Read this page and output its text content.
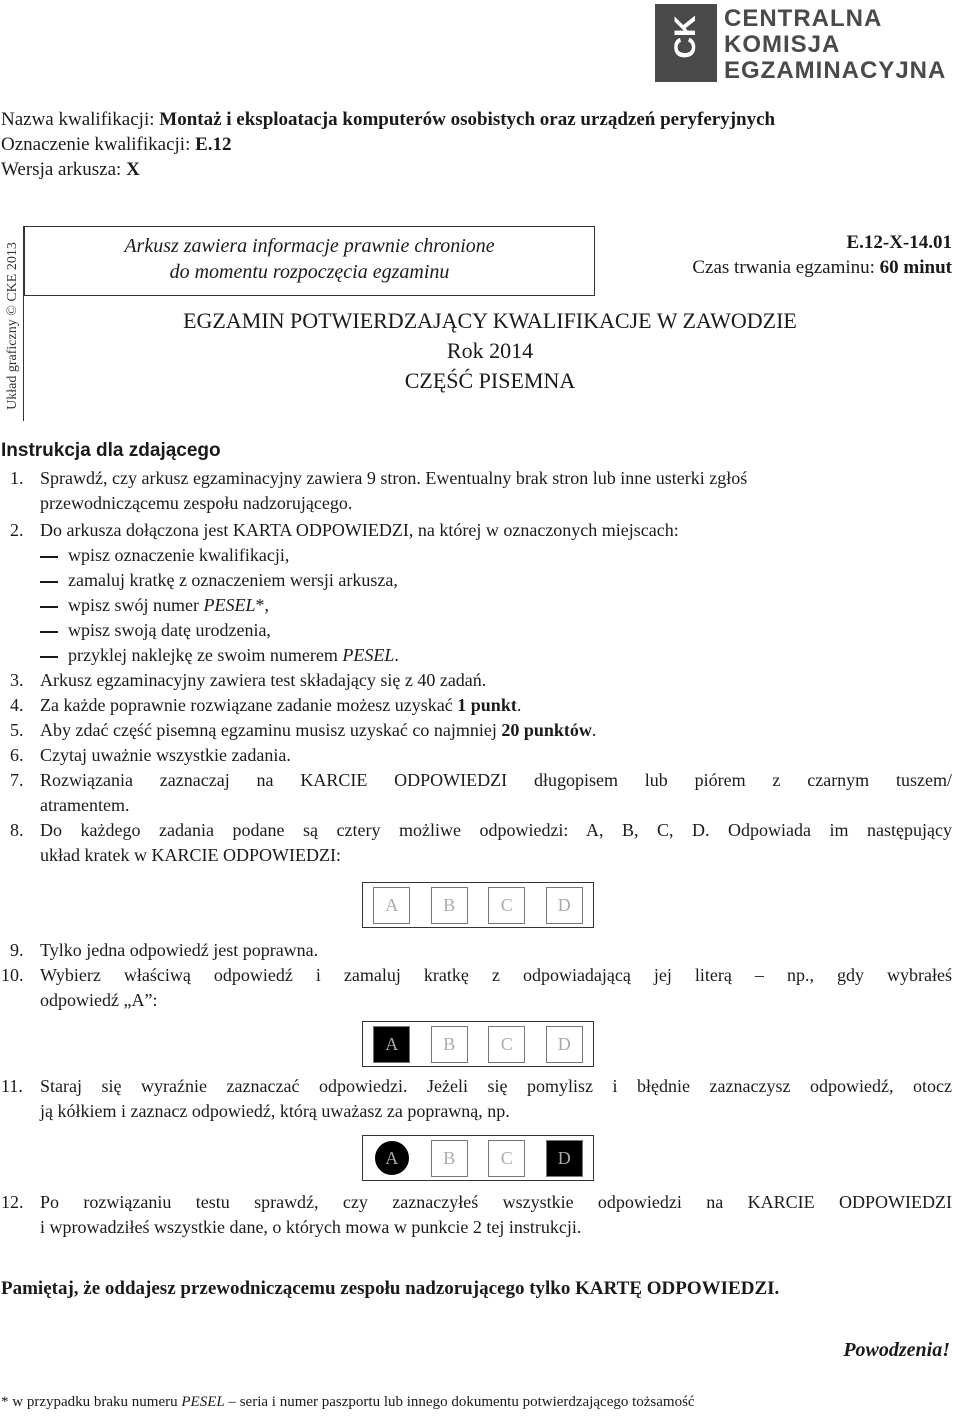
CK CENTRALNA
KOMISJA
EGZAMINACYJNA
Nazwa kwalifikacji: Montaż i eksploatacja komputerów osobistych oraz urządzeń peryferyjnych
Oznaczenie kwalifikacji: E.12
Wersja arkusza: X
Układ graficzny © CKE 2013	Arkusz zawiera informacje prawnie chronione
do momentu rozpoczęcia egzaminu
E.12-X-14.01
Czas trwania egzaminu: 60 minut
EGZAMIN POTWIERDZAJĄCY KWALIFIKACJE W ZAWODZIE
Rok 2014
CZĘŚĆ PISEMNA
Instrukcja dla zdającego
1. Sprawdź, czy arkusz egzaminacyjny zawiera 9 stron. Ewentualny brak stron lub inne usterki zgłoś
przewodniczącemu zespołu nadzorującego.
2. Do arkusza dołączona jest KARTA ODPOWIEDZI, na której w oznaczonych miejscach:
wpisz oznaczenie kwalifikacji,
zamaluj kratkę z oznaczeniem wersji arkusza,
wpisz swój numer PESEL*,
wpisz swoją datę urodzenia,
przyklej naklejkę ze swoim numerem PESEL.
3. Arkusz egzaminacyjny zawiera test składający się z 40 zadań.
4. Za każde poprawnie rozwiązane zadanie możesz uzyskać 1 punkt.
5. Aby zdać część pisemną egzaminu musisz uzyskać co najmniej 20 punktów.
6. Czytaj uważnie wszystkie zadania.
7. Rozwiązania zaznaczaj na KARCIE ODPOWIEDZI długopisem lub piórem z czarnym tuszem/
atramentem.
8. Do każdego zadania podane są cztery możliwe odpowiedzi: A, B, C, D. Odpowiada im następujący
układ kratek w KARCIE ODPOWIEDZI:
A	B	C	D
9. Tylko jedna odpowiedź jest poprawna.
10. Wybierz właściwą odpowiedź i zamaluj kratkę z odpowiadającą jej literą – np., gdy wybrałeś
odpowiedź „A”:
A	B	C	D
11. Staraj się wyraźnie zaznaczać odpowiedzi. Jeżeli się pomylisz i błędnie zaznaczysz odpowiedź, otocz
ją kółkiem i zaznacz odpowiedź, którą uważasz za poprawną, np.
A	B	C	D
12. Po rozwiązaniu testu sprawdź, czy zaznaczyłeś wszystkie odpowiedzi na KARCIE ODPOWIEDZI
i wprowadziłeś wszystkie dane, o których mowa w punkcie 2 tej instrukcji.
Pamiętaj, że oddajesz przewodniczącemu zespołu nadzorującego tylko KARTĘ ODPOWIEDZI.
Powodzenia!
* w przypadku braku numeru PESEL – seria i numer paszportu lub innego dokumentu potwierdzającego tożsamość
